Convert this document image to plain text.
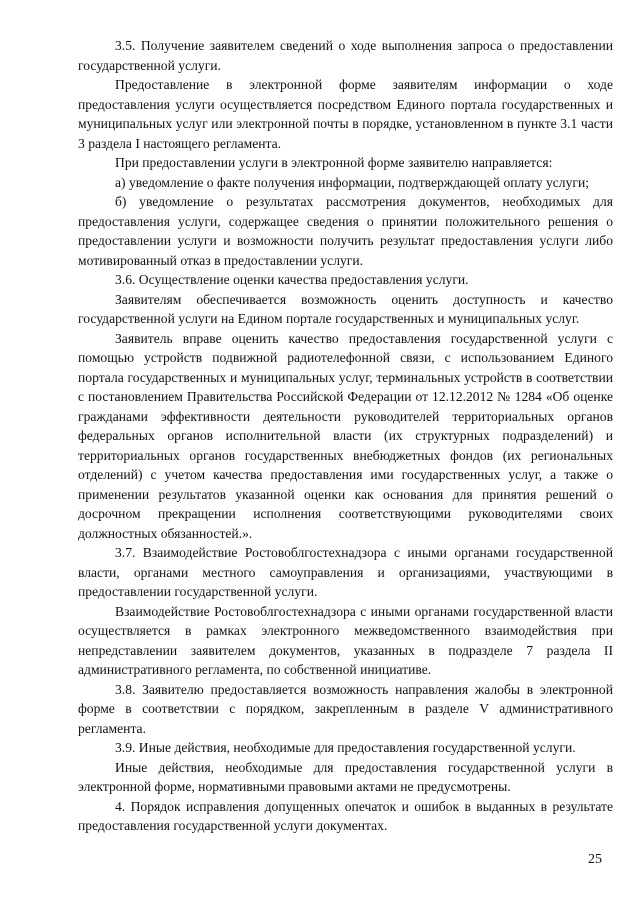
3.5. Получение заявителем сведений о ходе выполнения запроса о предоставлении государственной услуги.

Предоставление в электронной форме заявителям информации о ходе предоставления услуги осуществляется посредством Единого портала государственных и муниципальных услуг или электронной почты в порядке, установленном в пункте 3.1 части 3 раздела I настоящего регламента.

При предоставлении услуги в электронной форме заявителю направляется:

а) уведомление о факте получения информации, подтверждающей оплату услуги;

б) уведомление о результатах рассмотрения документов, необходимых для предоставления услуги, содержащее сведения о принятии положительного решения о предоставлении услуги и возможности получить результат предоставления услуги либо мотивированный отказ в предоставлении услуги.

3.6. Осуществление оценки качества предоставления услуги.

Заявителям обеспечивается возможность оценить доступность и качество государственной услуги на Едином портале государственных и муниципальных услуг.

Заявитель вправе оценить качество предоставления государственной услуги с помощью устройств подвижной радиотелефонной связи, с использованием Единого портала государственных и муниципальных услуг, терминальных устройств в соответствии с постановлением Правительства Российской Федерации от 12.12.2012 № 1284 «Об оценке гражданами эффективности деятельности руководителей территориальных органов федеральных органов исполнительной власти (их структурных подразделений) и территориальных органов государственных внебюджетных фондов (их региональных отделений) с учетом качества предоставления ими государственных услуг, а также о применении результатов указанной оценки как основания для принятия решений о досрочном прекращении исполнения соответствующими руководителями своих должностных обязанностей.».

3.7. Взаимодействие Ростовоблгостехнадзора с иными органами государственной власти, органами местного самоуправления и организациями, участвующими в предоставлении государственной услуги.

Взаимодействие Ростовоблгостехнадзора с иными органами государственной власти осуществляется в рамках электронного межведомственного взаимодействия при непредставлении заявителем документов, указанных в подразделе 7 раздела II административного регламента, по собственной инициативе.

3.8. Заявителю предоставляется возможность направления жалобы в электронной форме в соответствии с порядком, закрепленным в разделе V административного регламента.

3.9. Иные действия, необходимые для предоставления государственной услуги.

Иные действия, необходимые для предоставления государственной услуги в электронной форме, нормативными правовыми актами не предусмотрены.

4. Порядок исправления допущенных опечаток и ошибок в выданных в результате предоставления государственной услуги документах.

25
